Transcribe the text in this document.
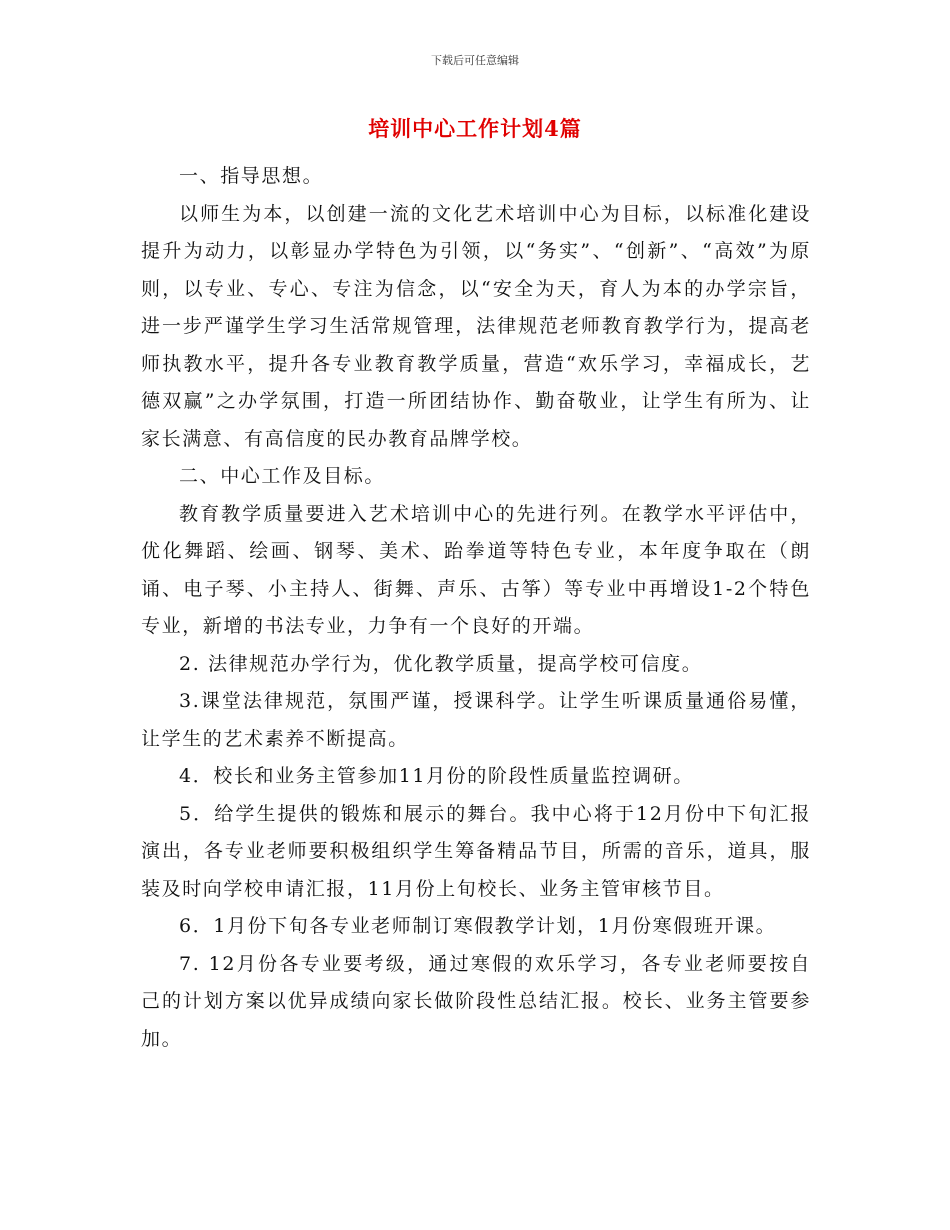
下载后可任意编辑
培训中心工作计划4篇

一、指导思想。

以师生为本，以创建一流的文化艺术培训中心为目标，以标准化建设提升为动力，以彰显办学特色为引领，以“务实”、“创新”、“高效”为原则，以专业、专心、专注为信念，以“安全为天，育人为本的办学宗旨，进一步严谨学生学习生活常规管理，法律规范老师教育教学行为，提高老师执教水平，提升各专业教育教学质量，营造“欢乐学习，幸福成长，艺德双赢”之办学氛围，打造一所团结协作、勤奋敬业，让学生有所为、让家长满意、有高信度的民办教育品牌学校。

二、中心工作及目标。

教育教学质量要进入艺术培训中心的先进行列。在教学水平评估中，优化舞蹈、绘画、钢琴、美术、跆拳道等特色专业，本年度争取在（朗诵、电子琴、小主持人、街舞、声乐、古筝）等专业中再增设1-2个特色专业，新增的书法专业，力争有一个良好的开端。

2. 法律规范办学行为，优化教学质量，提高学校可信度。

3.课堂法律规范，氛围严谨，授课科学。让学生听课质量通俗易懂，让学生的艺术素养不断提高。

4．校长和业务主管参加11月份的阶段性质量监控调研。

5．给学生提供的锻炼和展示的舞台。我中心将于12月份中下旬汇报演出，各专业老师要积极组织学生筹备精品节目，所需的音乐，道具，服装及时向学校申请汇报，11月份上旬校长、业务主管审核节目。

6．1月份下旬各专业老师制订寒假教学计划，1月份寒假班开课。

7. 12月份各专业要考级，通过寒假的欢乐学习，各专业老师要按自己的计划方案以优异成绩向家长做阶段性总结汇报。校长、业务主管要参加。
